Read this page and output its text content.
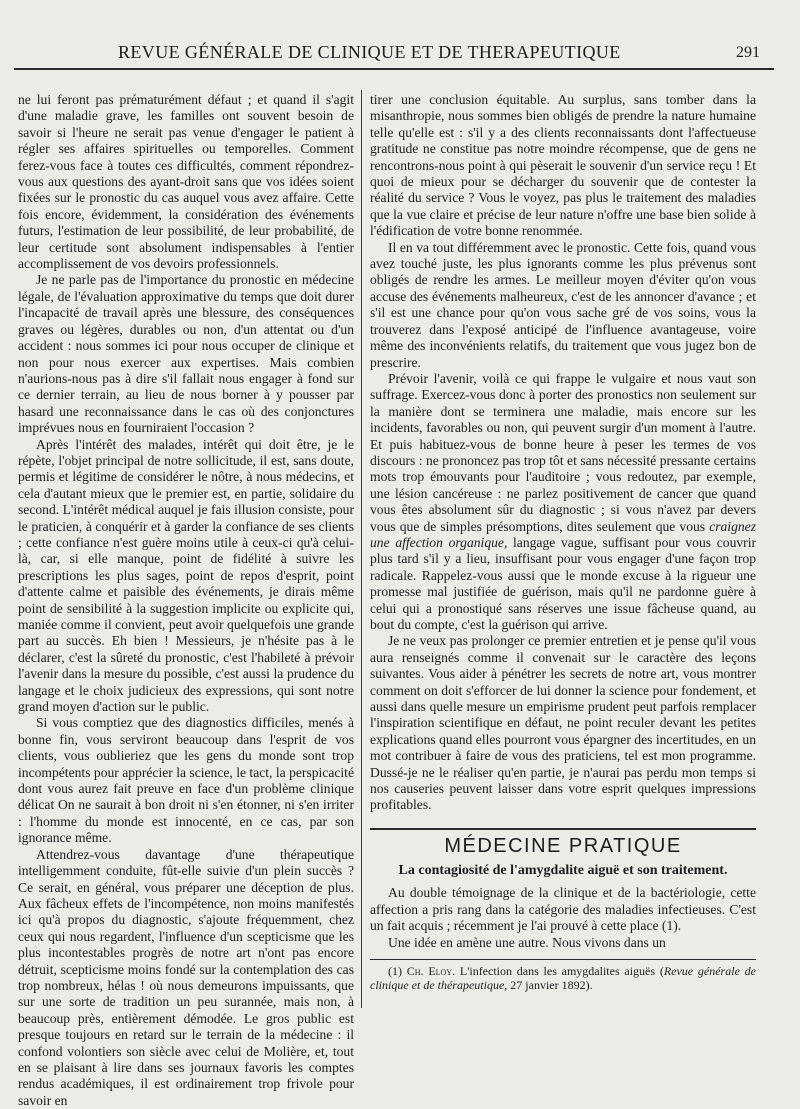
REVUE GÉNÉRALE DE CLINIQUE ET DE THERAPEUTIQUE	291

ne lui feront pas prématurément défaut ; et quand il s'agit d'une maladie grave, les familles ont souvent besoin de savoir si l'heure ne serait pas venue d'engager le patient à régler ses affaires spirituelles ou temporelles. Comment ferez-vous face à toutes ces difficultés, comment répondrez-vous aux questions des ayant-droit sans que vos idées soient fixées sur le pronostic du cas auquel vous avez affaire. Cette fois encore, évidemment, la considération des événements futurs, l'estimation de leur possibilité, de leur probabilité, de leur certitude sont absolument indispensables à l'entier accomplissement de vos devoirs professionnels.

Je ne parle pas de l'importance du pronostic en médecine légale, de l'évaluation approximative du temps que doit durer l'incapacité de travail après une blessure, des conséquences graves ou légères, durables ou non, d'un attentat ou d'un accident : nous sommes ici pour nous occuper de clinique et non pour nous exercer aux expertises. Mais combien n'aurions-nous pas à dire s'il fallait nous engager à fond sur ce dernier terrain, au lieu de nous borner à y pousser par hasard une reconnaissance dans le cas où des conjonctures imprévues nous en fourniraient l'occasion ?

Après l'intérêt des malades, intérêt qui doit être, je le répète, l'objet principal de notre sollicitude, il est, sans doute, permis et légitime de considérer le nôtre, à nous médecins, et cela d'autant mieux que le premier est, en partie, solidaire du second. L'intérêt médical auquel je fais illusion consiste, pour le praticien, à conquérir et à garder la confiance de ses clients ; cette confiance n'est guère moins utile à ceux-ci qu'à celui-là, car, si elle manque, point de fidélité à suivre les prescriptions les plus sages, point de repos d'esprit, point d'attente calme et paisible des événements, je dirais même point de sensibilité à la suggestion implicite ou explicite qui, maniée comme il convient, peut avoir quelquefois une grande part au succès. Eh bien ! Messieurs, je n'hésite pas à le déclarer, c'est la sûreté du pronostic, c'est l'habileté à prévoir l'avenir dans la mesure du possible, c'est aussi la prudence du langage et le choix judicieux des expressions, qui sont notre grand moyen d'action sur le public.

Si vous comptiez que des diagnostics difficiles, menés à bonne fin, vous serviront beaucoup dans l'esprit de vos clients, vous oublieriez que les gens du monde sont trop incompétents pour apprécier la science, le tact, la perspicacité dont vous aurez fait preuve en face d'un problème clinique délicat On ne saurait à bon droit ni s'en étonner, ni s'en irriter : l'homme du monde est innocenté, en ce cas, par son ignorance même.

Attendrez-vous davantage d'une thérapeutique intelligemment conduite, fût-elle suivie d'un plein succès ? Ce serait, en général, vous préparer une déception de plus. Aux fâcheux effets de l'incompétence, non moins manifestés ici qu'à propos du diagnostic, s'ajoute fréquemment, chez ceux qui nous regardent, l'influence d'un scepticisme que les plus incontestables progrès de notre art n'ont pas encore détruit, scepticisme moins fondé sur la contemplation des cas trop nombreux, hélas ! où nous demeurons impuissants, que sur une sorte de tradition un peu surannée, mais non, à beaucoup près, entièrement démodée. Le gros public est presque toujours en retard sur le terrain de la médecine : il confond volontiers son siècle avec celui de Molière, et, tout en se plaisant à lire dans ses journaux favoris les comptes rendus académiques, il est ordinairement trop frivole pour savoir en

tirer une conclusion équitable. Au surplus, sans tomber dans la misanthropie, nous sommes bien obligés de prendre la nature humaine telle qu'elle est : s'il y a des clients reconnaissants dont l'affectueuse gratitude ne constitue pas notre moindre récompense, que de gens ne rencontrons-nous point à qui pèserait le souvenir d'un service reçu ! Et quoi de mieux pour se décharger du souvenir que de contester la réalité du service ? Vous le voyez, pas plus le traitement des maladies que la vue claire et précise de leur nature n'offre une base bien solide à l'édification de votre bonne renommée.

Il en va tout différemment avec le pronostic. Cette fois, quand vous avez touché juste, les plus ignorants comme les plus prévenus sont obligés de rendre les armes. Le meilleur moyen d'éviter qu'on vous accuse des événements malheureux, c'est de les annoncer d'avance ; et s'il est une chance pour qu'on vous sache gré de vos soins, vous la trouverez dans l'exposé anticipé de l'influence avantageuse, voire même des inconvénients relatifs, du traitement que vous jugez bon de prescrire.

Prévoir l'avenir, voilà ce qui frappe le vulgaire et nous vaut son suffrage. Exercez-vous donc à porter des pronostics non seulement sur la manière dont se terminera une maladie, mais encore sur les incidents, favorables ou non, qui peuvent surgir d'un moment à l'autre. Et puis habituez-vous de bonne heure à peser les termes de vos discours : ne prononcez pas trop tôt et sans nécessité pressante certains mots trop émouvants pour l'auditoire ; vous redoutez, par exemple, une lésion cancéreuse : ne parlez positivement de cancer que quand vous êtes absolument sûr du diagnostic ; si vous n'avez par devers vous que de simples présomptions, dites seulement que vous craignez une affection organique, langage vague, suffisant pour vous couvrir plus tard s'il y a lieu, insuffisant pour vous engager d'une façon trop radicale. Rappelez-vous aussi que le monde excuse à la rigueur une promesse mal justifiée de guérison, mais qu'il ne pardonne guère à celui qui a pronostiqué sans réserves une issue fâcheuse quand, au bout du compte, c'est la guérison qui arrive.

Je ne veux pas prolonger ce premier entretien et je pense qu'il vous aura renseignés comme il convenait sur le caractère des leçons suivantes. Vous aider à pénétrer les secrets de notre art, vous montrer comment on doit s'efforcer de lui donner la science pour fondement, et aussi dans quelle mesure un empirisme prudent peut parfois remplacer l'inspiration scientifique en défaut, ne point reculer devant les petites explications quand elles pourront vous épargner des incertitudes, en un mot contribuer à faire de vous des praticiens, tel est mon programme. Dussé-je ne le réaliser qu'en partie, je n'aurai pas perdu mon temps si nos causeries peuvent laisser dans votre esprit quelques impressions profitables.

MÉDECINE PRATIQUE
La contagiosité de l'amygdalite aiguë et son traitement.

Au double témoignage de la clinique et de la bactériologie, cette affection a pris rang dans la catégorie des maladies infectieuses. C'est un fait acquis ; récemment je l'ai prouvé à cette place (1).

Une idée en amène une autre. Nous vivons dans un

(1) Ch. Eloy. L'infection dans les amygdalites aiguës (Revue générale de clinique et de thérapeutique, 27 janvier 1892).
